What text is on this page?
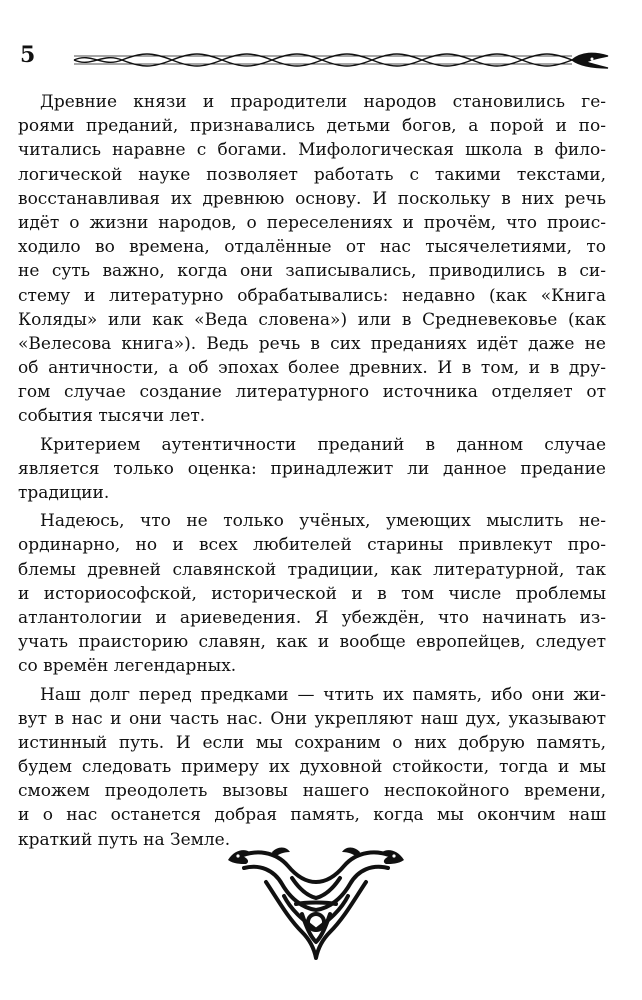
5
Древние князи и прародители народов становились ге-
роями преданий, признавались детьми богов, а порой и по-
читались наравне с богами. Мифологическая школа в фило-
логической науке позволяет работать с такими текстами,
восстанавливая их древнюю основу. И поскольку в них речь
идёт о жизни народов, о переселениях и прочём, что проис-
ходило во времена, отдалённые от нас тысячелетиями, то
не суть важно, когда они записывались, приводились в си-
стему и литературно обрабатывались: недавно (как «Книга
Коляды» или как «Веда словена») или в Средневековье (как
«Велесова книга»). Ведь речь в сих преданиях идёт даже не
об античности, а об эпохах более древних. И в том, и в дру-
гом случае создание литературного источника отделяет от
события тысячи лет.
Критерием аутентичности преданий в данном случае
является только оценка: принадлежит ли данное предание
традиции.
Надеюсь, что не только учёных, умеющих мыслить не-
ординарно, но и всех любителей старины привлекут про-
блемы древней славянской традиции, как литературной, так
и историософской, исторической и в том числе проблемы
атлантологии и ариеведения. Я убеждён, что начинать из-
учать праисторию славян, как и вообще европейцев, следует
со времён легендарных.
Наш долг перед предками — чтить их память, ибо они жи-
вут в нас и они часть нас. Они укрепляют наш дух, указывают
истинный путь. И если мы сохраним о них добрую память,
будем следовать примеру их духовной стойкости, тогда и мы
сможем преодолеть вызовы нашего неспокойного времени,
и о нас останется добрая память, когда мы окончим наш
краткий путь на Земле.
